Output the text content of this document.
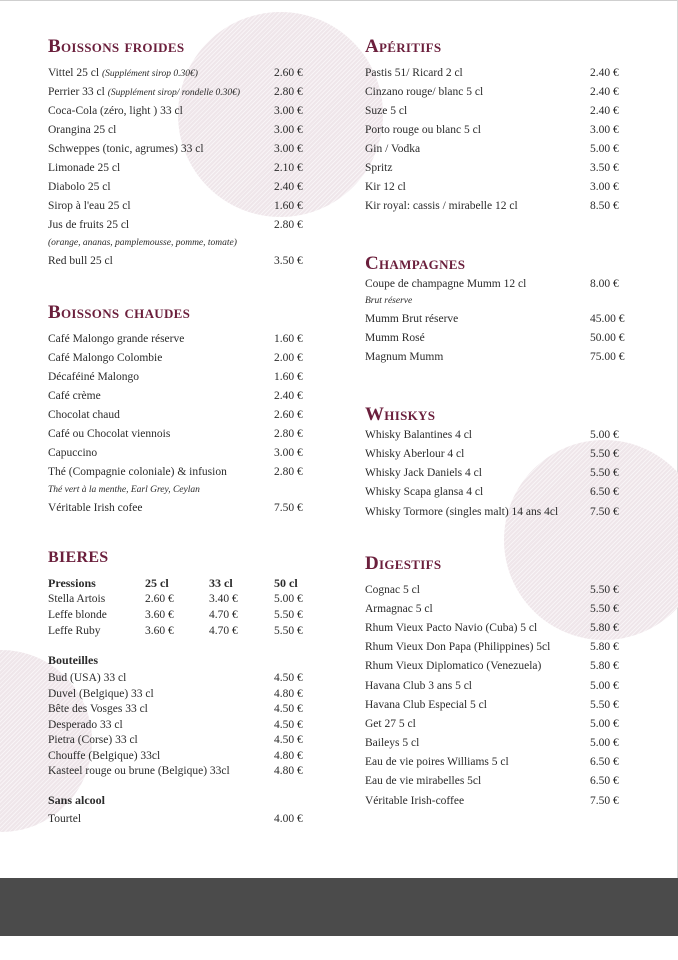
Boissons froides
Vittel 25 cl (Supplément sirop 0.30€)	2.60 €
Perrier 33 cl (Supplément sirop/ rondelle 0.30€)	2.80 €
Coca-Cola (zéro, light ) 33 cl	3.00 €
Orangina 25 cl	3.00 €
Schweppes (tonic, agrumes) 33 cl	3.00 €
Limonade 25 cl	2.10 €
Diabolo 25 cl	2.40 €
Sirop à l'eau 25 cl	1.60 €
Jus de fruits 25 cl	2.80 €
(orange, ananas, pamplemousse, pomme, tomate)
Red bull 25 cl	3.50 €
Boissons chaudes
Café Malongo grande réserve	1.60 €
Café Malongo Colombie	2.00 €
Décaféiné Malongo	1.60 €
Café crème	2.40 €
Chocolat chaud	2.60 €
Café ou Chocolat viennois	2.80 €
Capuccino	3.00 €
Thé (Compagnie coloniale) & infusion	2.80 €
Thé vert à la menthe, Earl Grey, Ceylan
Véritable Irish cofee	7.50 €
BIERES
Pressions	25 cl	33 cl	50 cl
Stella Artois	2.60 €	3.40 €	5.00 €
Leffe blonde	3.60 €	4.70 €	5.50 €
Leffe Ruby	3.60 €	4.70 €	5.50 €
Bouteilles
Bud (USA) 33 cl	4.50 €
Duvel (Belgique) 33 cl	4.80 €
Bête des Vosges 33 cl	4.50 €
Desperado 33 cl	4.50 €
Pietra (Corse) 33 cl	4.50 €
Chouffe (Belgique) 33cl	4.80 €
Kasteel rouge ou brune (Belgique) 33cl	4.80 €
Sans alcool
Tourtel	4.00 €
Apéritifs
Pastis 51/ Ricard 2 cl	2.40 €
Cinzano rouge/ blanc 5 cl	2.40 €
Suze 5 cl	2.40 €
Porto rouge ou blanc 5 cl	3.00 €
Gin / Vodka	5.00 €
Spritz	3.50 €
Kir 12 cl	3.00 €
Kir royal: cassis / mirabelle 12 cl	8.50 €
Champagnes
Coupe de champagne Mumm 12 cl	8.00 €
Brut réserve
Mumm Brut réserve	45.00 €
Mumm Rosé	50.00 €
Magnum Mumm	75.00 €
Whiskys
Whisky Balantines 4 cl	5.00 €
Whisky Aberlour 4 cl	5.50 €
Whisky Jack Daniels 4 cl	5.50 €
Whisky Scapa glansa 4 cl	6.50 €
Whisky Tormore (singles malt) 14 ans 4cl	7.50 €
Digestifs
Cognac 5 cl	5.50 €
Armagnac 5 cl	5.50 €
Rhum Vieux Pacto Navio (Cuba) 5 cl	5.80 €
Rhum Vieux Don Papa (Philippines) 5cl	5.80 €
Rhum Vieux Diplomatico (Venezuela)	5.80 €
Havana Club 3 ans 5 cl	5.00 €
Havana Club Especial 5 cl	5.50 €
Get 27 5 cl	5.00 €
Baileys 5 cl	5.00 €
Eau de vie poires Williams 5 cl	6.50 €
Eau de vie mirabelles 5cl	6.50 €
Véritable Irish-coffee	7.50 €
